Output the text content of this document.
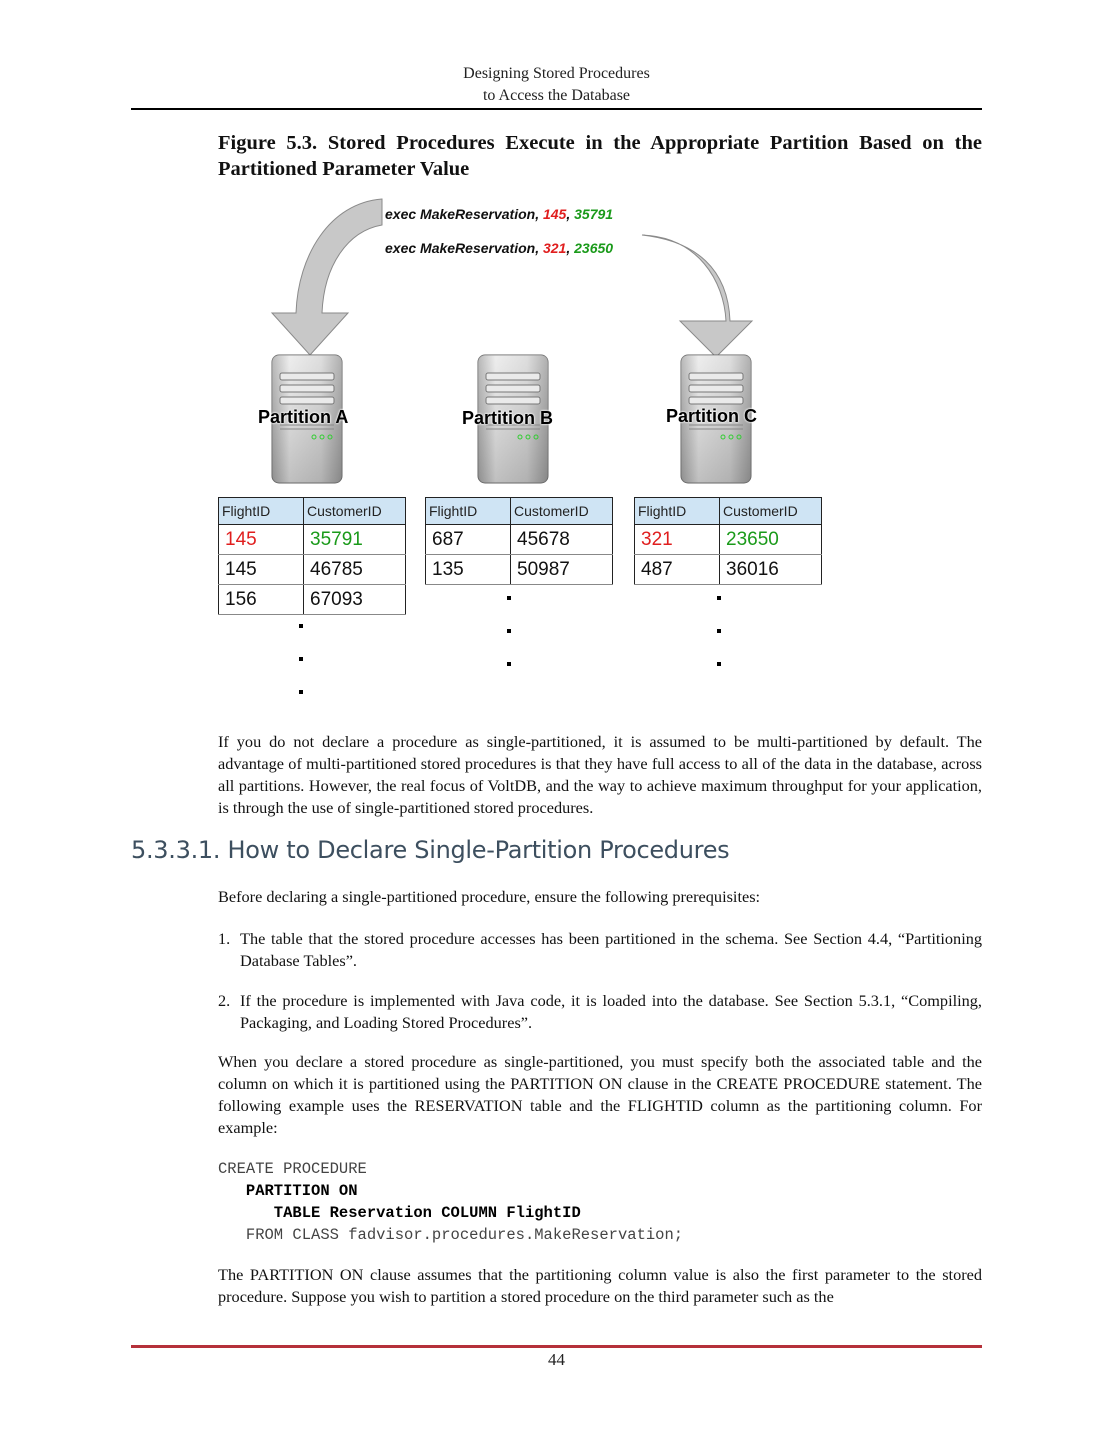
Designing Stored Procedures
to Access the Database
Figure 5.3. Stored Procedures Execute in the Appropriate Partition Based on the Partitioned Parameter Value
exec MakeReservation, 145, 35791
exec MakeReservation, 321, 23650
Partition A	Partition B	Partition C
FlightID	CustomerID
145	35791
145	46785
156	67093
FlightID	CustomerID
687	45678
135	50987
FlightID	CustomerID
321	23650
487	36016
If you do not declare a procedure as single-partitioned, it is assumed to be multi-partitioned by default. The advantage of multi-partitioned stored procedures is that they have full access to all of the data in the database, across all partitions. However, the real focus of VoltDB, and the way to achieve maximum throughput for your application, is through the use of single-partitioned stored procedures.
5.3.3.1. How to Declare Single-Partition Procedures
Before declaring a single-partitioned procedure, ensure the following prerequisites:
1. The table that the stored procedure accesses has been partitioned in the schema. See Section 4.4, “Partitioning Database Tables”.
2. If the procedure is implemented with Java code, it is loaded into the database. See Section 5.3.1, “Compiling, Packaging, and Loading Stored Procedures”.
When you declare a stored procedure as single-partitioned, you must specify both the associated table and the column on which it is partitioned using the PARTITION ON clause in the CREATE PROCEDURE statement. The following example uses the RESERVATION table and the FLIGHTID column as the partitioning column. For example:
CREATE PROCEDURE
PARTITION ON
TABLE Reservation COLUMN FlightID
FROM CLASS fadvisor.procedures.MakeReservation;
The PARTITION ON clause assumes that the partitioning column value is also the first parameter to the stored procedure. Suppose you wish to partition a stored procedure on the third parameter such as the
44
